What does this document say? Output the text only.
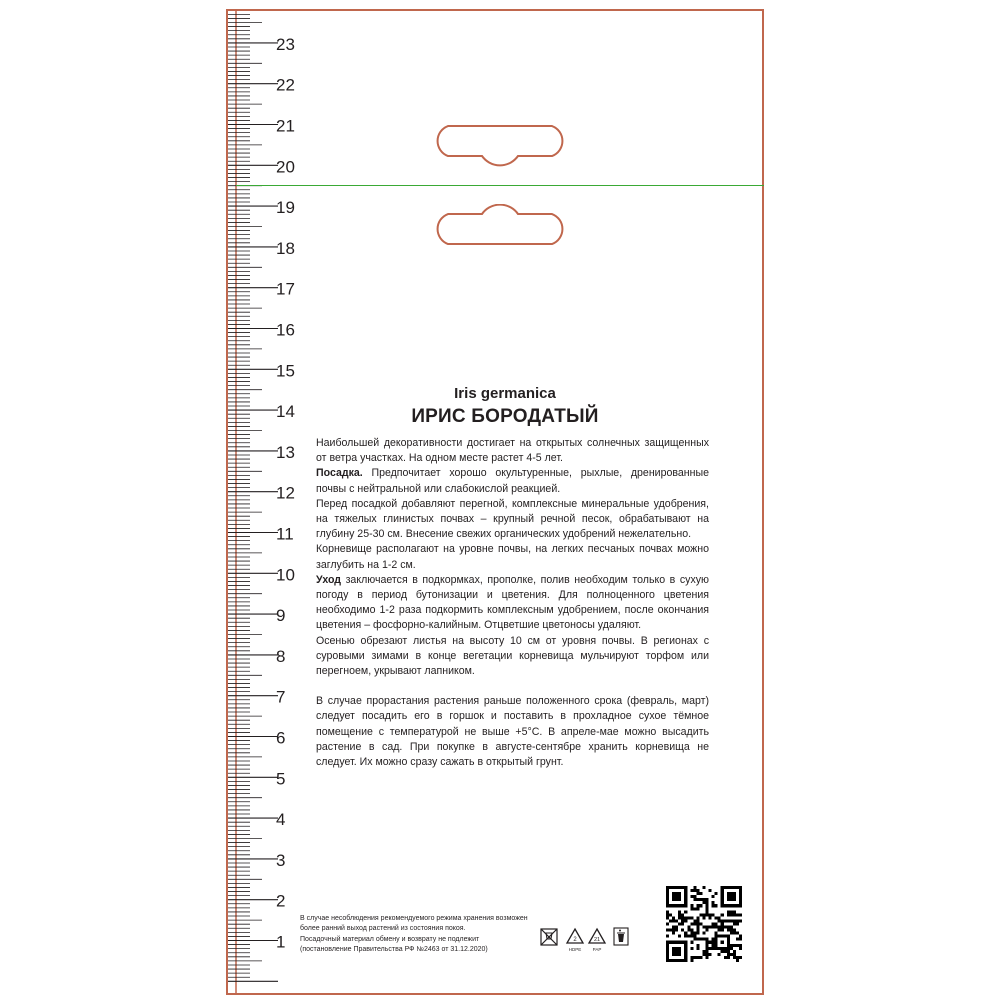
23
22
21
20
19
18
17
16
15
14
13
12
11
10
9
8
7
6
5
4
3
2
1
Iris germanica
ИРИС БОРОДАТЫЙ

Наибольшей декоративности достигает на открытых солнечных защищенных от ветра участках. На одном месте растет 4-5 лет.

Посадка. Предпочитает хорошо окультуренные, рыхлые, дренированные почвы с нейтральной или слабокислой реакцией.

Перед посадкой добавляют перегной, комплексные минеральные удобрения, на тяжелых глинистых почвах – крупный речной песок, обрабатывают на глубину 25-30 см. Внесение свежих органических удобрений нежелательно.

Корневище располагают на уровне почвы, на легких песчаных почвах можно заглубить на 1-2 см.

Уход заключается в подкормках, прополке, полив необходим только в сухую погоду в период бутонизации и цветения. Для полноценного цветения необходимо 1-2 раза подкормить комплексным удобрением, после окончания цветения – фосфорно-калийным. Отцветшие цветоносы удаляют.

Осенью обрезают листья на высоту 10 см от уровня почвы. В регионах с суровыми зимами в конце вегетации корневища мульчируют торфом или перегноем, укрывают лапником.

В случае прорастания растения раньше положенного срока (февраль, март) следует посадить его в горшок и поставить в прохладное сухое тёмное помещение с температурой не выше +5°С. В апреле-мае можно высадить растение в сад. При покупке в августе-сентябре хранить корневища не следует. Их можно сразу сажать в открытый грунт.

В случае несоблюдения рекомендуемого режима хранения возможен

более ранний выход растений из состояния покоя.

Посадочный материал обмену и возврату не подлежит

(постановление Правительства РФ №2463 от 31.12.2020)

2
HDPE
21
PAP
